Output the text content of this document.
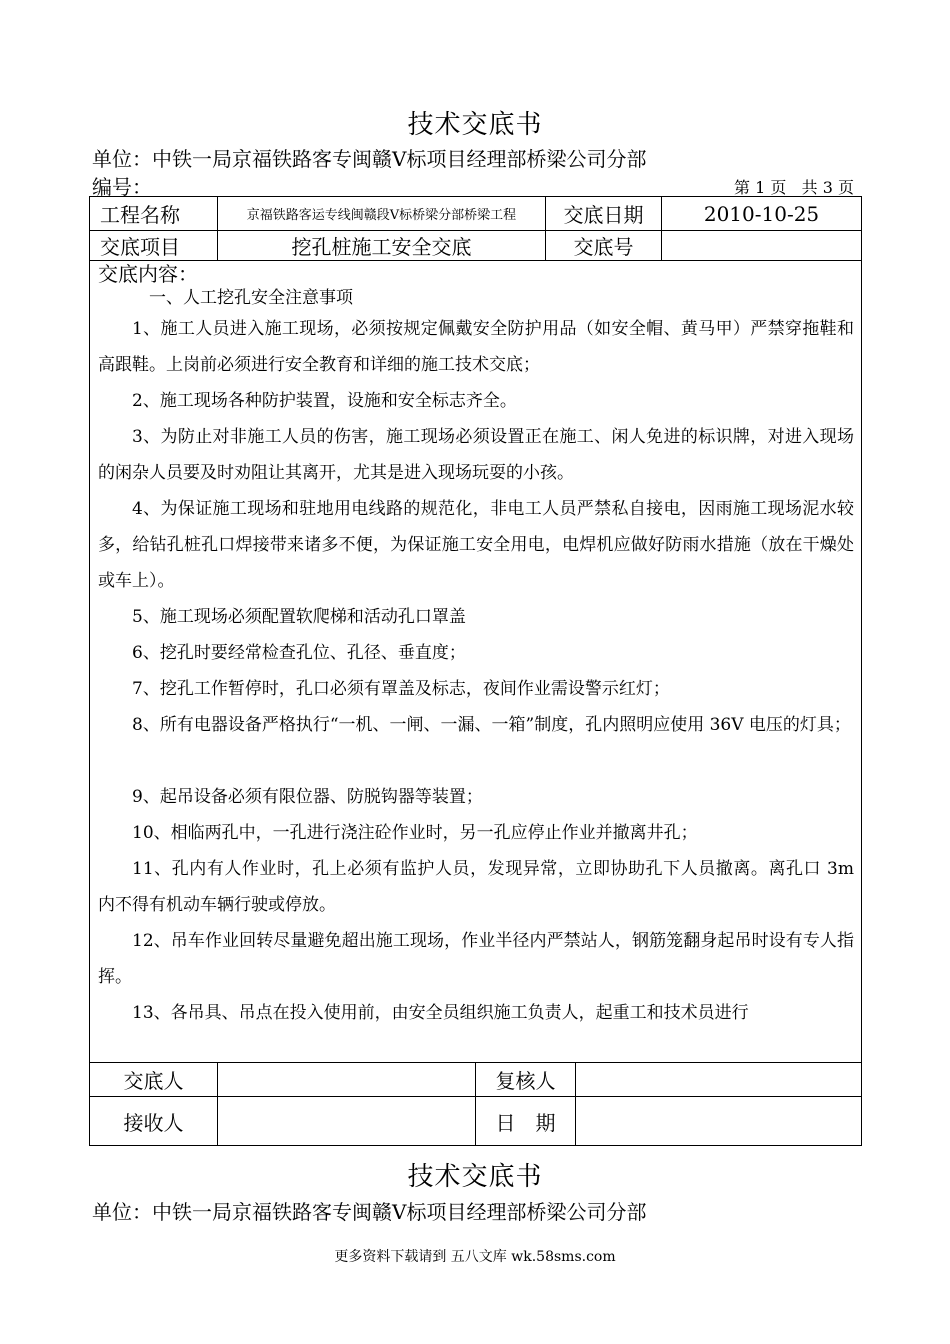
技术交底书
单位：中铁一局京福铁路客专闽赣Ⅴ标项目经理部桥梁公司分部
编号：	第 1 页   共 3 页
工程名称	京福铁路客运专线闽赣段Ⅴ标桥梁分部桥梁工程	交底日期	2010-10-25
交底项目	挖孔桩施工安全交底	交底号	
交底内容：

一、人工挖孔安全注意事项

1、施工人员进入施工现场，必须按规定佩戴安全防护用品（如安全帽、黄马甲）严禁穿拖鞋和高跟鞋。上岗前必须进行安全教育和详细的施工技术交底；

2、施工现场各种防护装置，设施和安全标志齐全。

3、为防止对非施工人员的伤害，施工现场必须设置正在施工、闲人免进的标识牌，对进入现场的闲杂人员要及时劝阻让其离开，尤其是进入现场玩耍的小孩。

4、为保证施工现场和驻地用电线路的规范化，非电工人员严禁私自接电，因雨施工现场泥水较多，给钻孔桩孔口焊接带来诸多不便，为保证施工安全用电，电焊机应做好防雨水措施（放在干燥处或车上）。

5、施工现场必须配置软爬梯和活动孔口罩盖

6、挖孔时要经常检查孔位、孔径、垂直度；

7、挖孔工作暂停时，孔口必须有罩盖及标志，夜间作业需设警示红灯；

8、所有电器设备严格执行“一机、一闸、一漏、一箱”制度，孔内照明应使用 36V 电压的灯具；

9、起吊设备必须有限位器、防脱钩器等装置；

10、相临两孔中，一孔进行浇注砼作业时，另一孔应停止作业并撤离井孔；

11、孔内有人作业时，孔上必须有监护人员，发现异常，立即协助孔下人员撤离。离孔口 3m 内不得有机动车辆行驶或停放。

12、吊车作业回转尽量避免超出施工现场，作业半径内严禁站人，钢筋笼翻身起吊时设有专人指挥。

13、各吊具、吊点在投入使用前，由安全员组织施工负责人，起重工和技术员进行

交底人		复核人	
接收人		日　期	
技术交底书
单位：中铁一局京福铁路客专闽赣Ⅴ标项目经理部桥梁公司分部
更多资料下载请到 五八文库 wk.58sms.com
